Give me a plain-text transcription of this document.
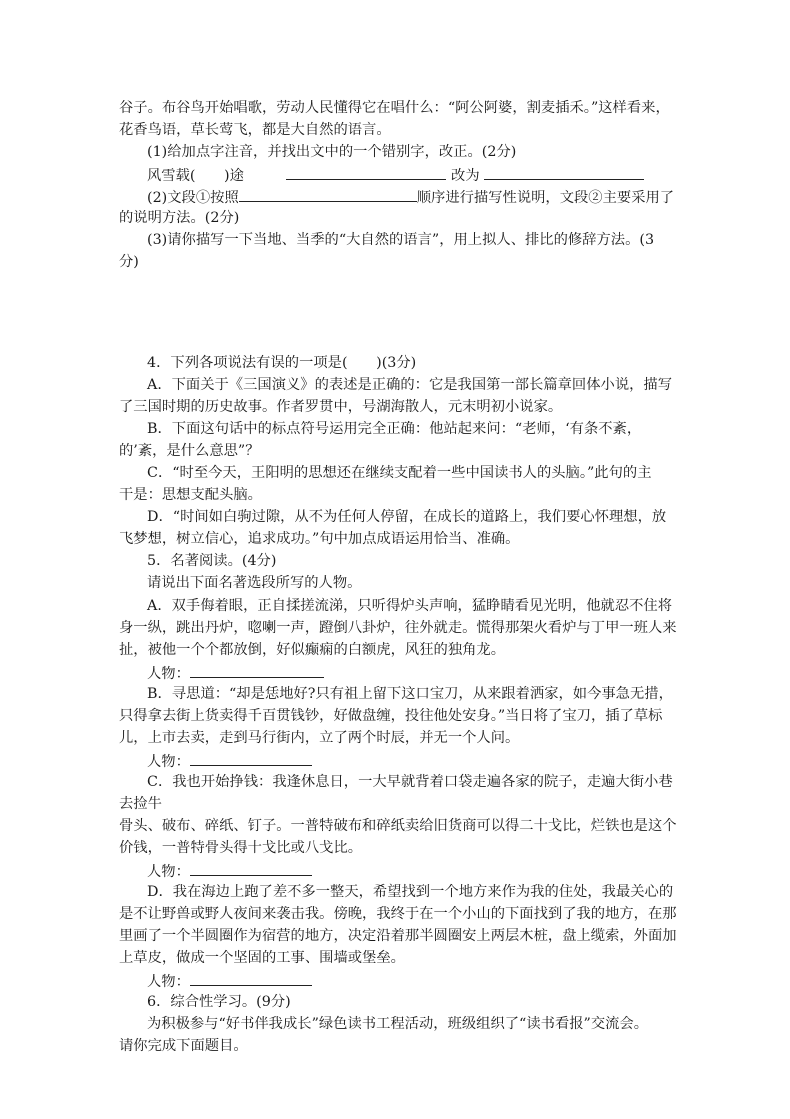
谷子。布谷鸟开始唱歌，劳动人民懂得它在唱什么：“阿公阿婆，割麦插禾。”这样看来，
花香鸟语，草长莺飞，都是大自然的语言。
(1)给加点字注音，并找出文中的一个错别字，改正。(2分)
风雪载(　　)途	改为
(2)文段①按照	顺序进行描写性说明，文段②主要采用了
的说明方法。(2分)
(3)请你描写一下当地、当季的“大自然的语言”，用上拟人、排比的修辞方法。(3
分)
4．下列各项说法有误的一项是(　　)(3分)
A．下面关于《三国演义》的表述是正确的：它是我国第一部长篇章回体小说，描写
了三国时期的历史故事。作者罗贯中，号湖海散人，元末明初小说家。
B．下面这句话中的标点符号运用完全正确：他站起来问：“老师，‘有条不紊，
的’紊，是什么意思”？
C．“时至今天，王阳明的思想还在继续支配着一些中国读书人的头脑。”此句的主
干是：思想支配头脑。
D．“时间如白驹过隙，从不为任何人停留，在成长的道路上，我们要心怀理想，放
飞梦想，树立信心，追求成功。”句中加点成语运用恰当、准确。
5．名著阅读。(4分)
请说出下面名著选段所写的人物。
A．双手侮着眼，正自揉搓流涕，只听得炉头声响，猛睁睛看见光明，他就忍不住将
身一纵，跳出丹炉，唿喇一声，蹬倒八卦炉，往外就走。慌得那架火看炉与丁甲一班人来
扯，被他一个个都放倒，好似癫痫的白额虎，风狂的独角龙。
人物：
B．寻思道：“却是恁地好?只有祖上留下这口宝刀，从来跟着洒家，如今事急无措，
只得拿去街上货卖得千百贯钱钞，好做盘缠，投往他处安身。”当日将了宝刀，插了草标
儿，上市去卖，走到马行街内，立了两个时辰，并无一个人问。
人物：
C．我也开始挣钱：我逢休息日，一大早就背着口袋走遍各家的院子，走遍大街小巷
去捡牛
骨头、破布、碎纸、钉子。一普特破布和碎纸卖给旧货商可以得二十戈比，烂铁也是这个
价钱，一普特骨头得十戈比或八戈比。
人物：
D．我在海边上跑了差不多一整天，希望找到一个地方来作为我的住处，我最关心的
是不让野兽或野人夜间来袭击我。傍晚，我终于在一个小山的下面找到了我的地方，在那
里画了一个半圆圈作为宿营的地方，决定沿着那半圆圈安上两层木桩，盘上缆索，外面加
上草皮，做成一个坚固的工事、围墙或堡垒。
人物：
6．综合性学习。(9分)
为积极参与“好书伴我成长”绿色读书工程活动，班级组织了“读书看报”交流会。
请你完成下面题目。
